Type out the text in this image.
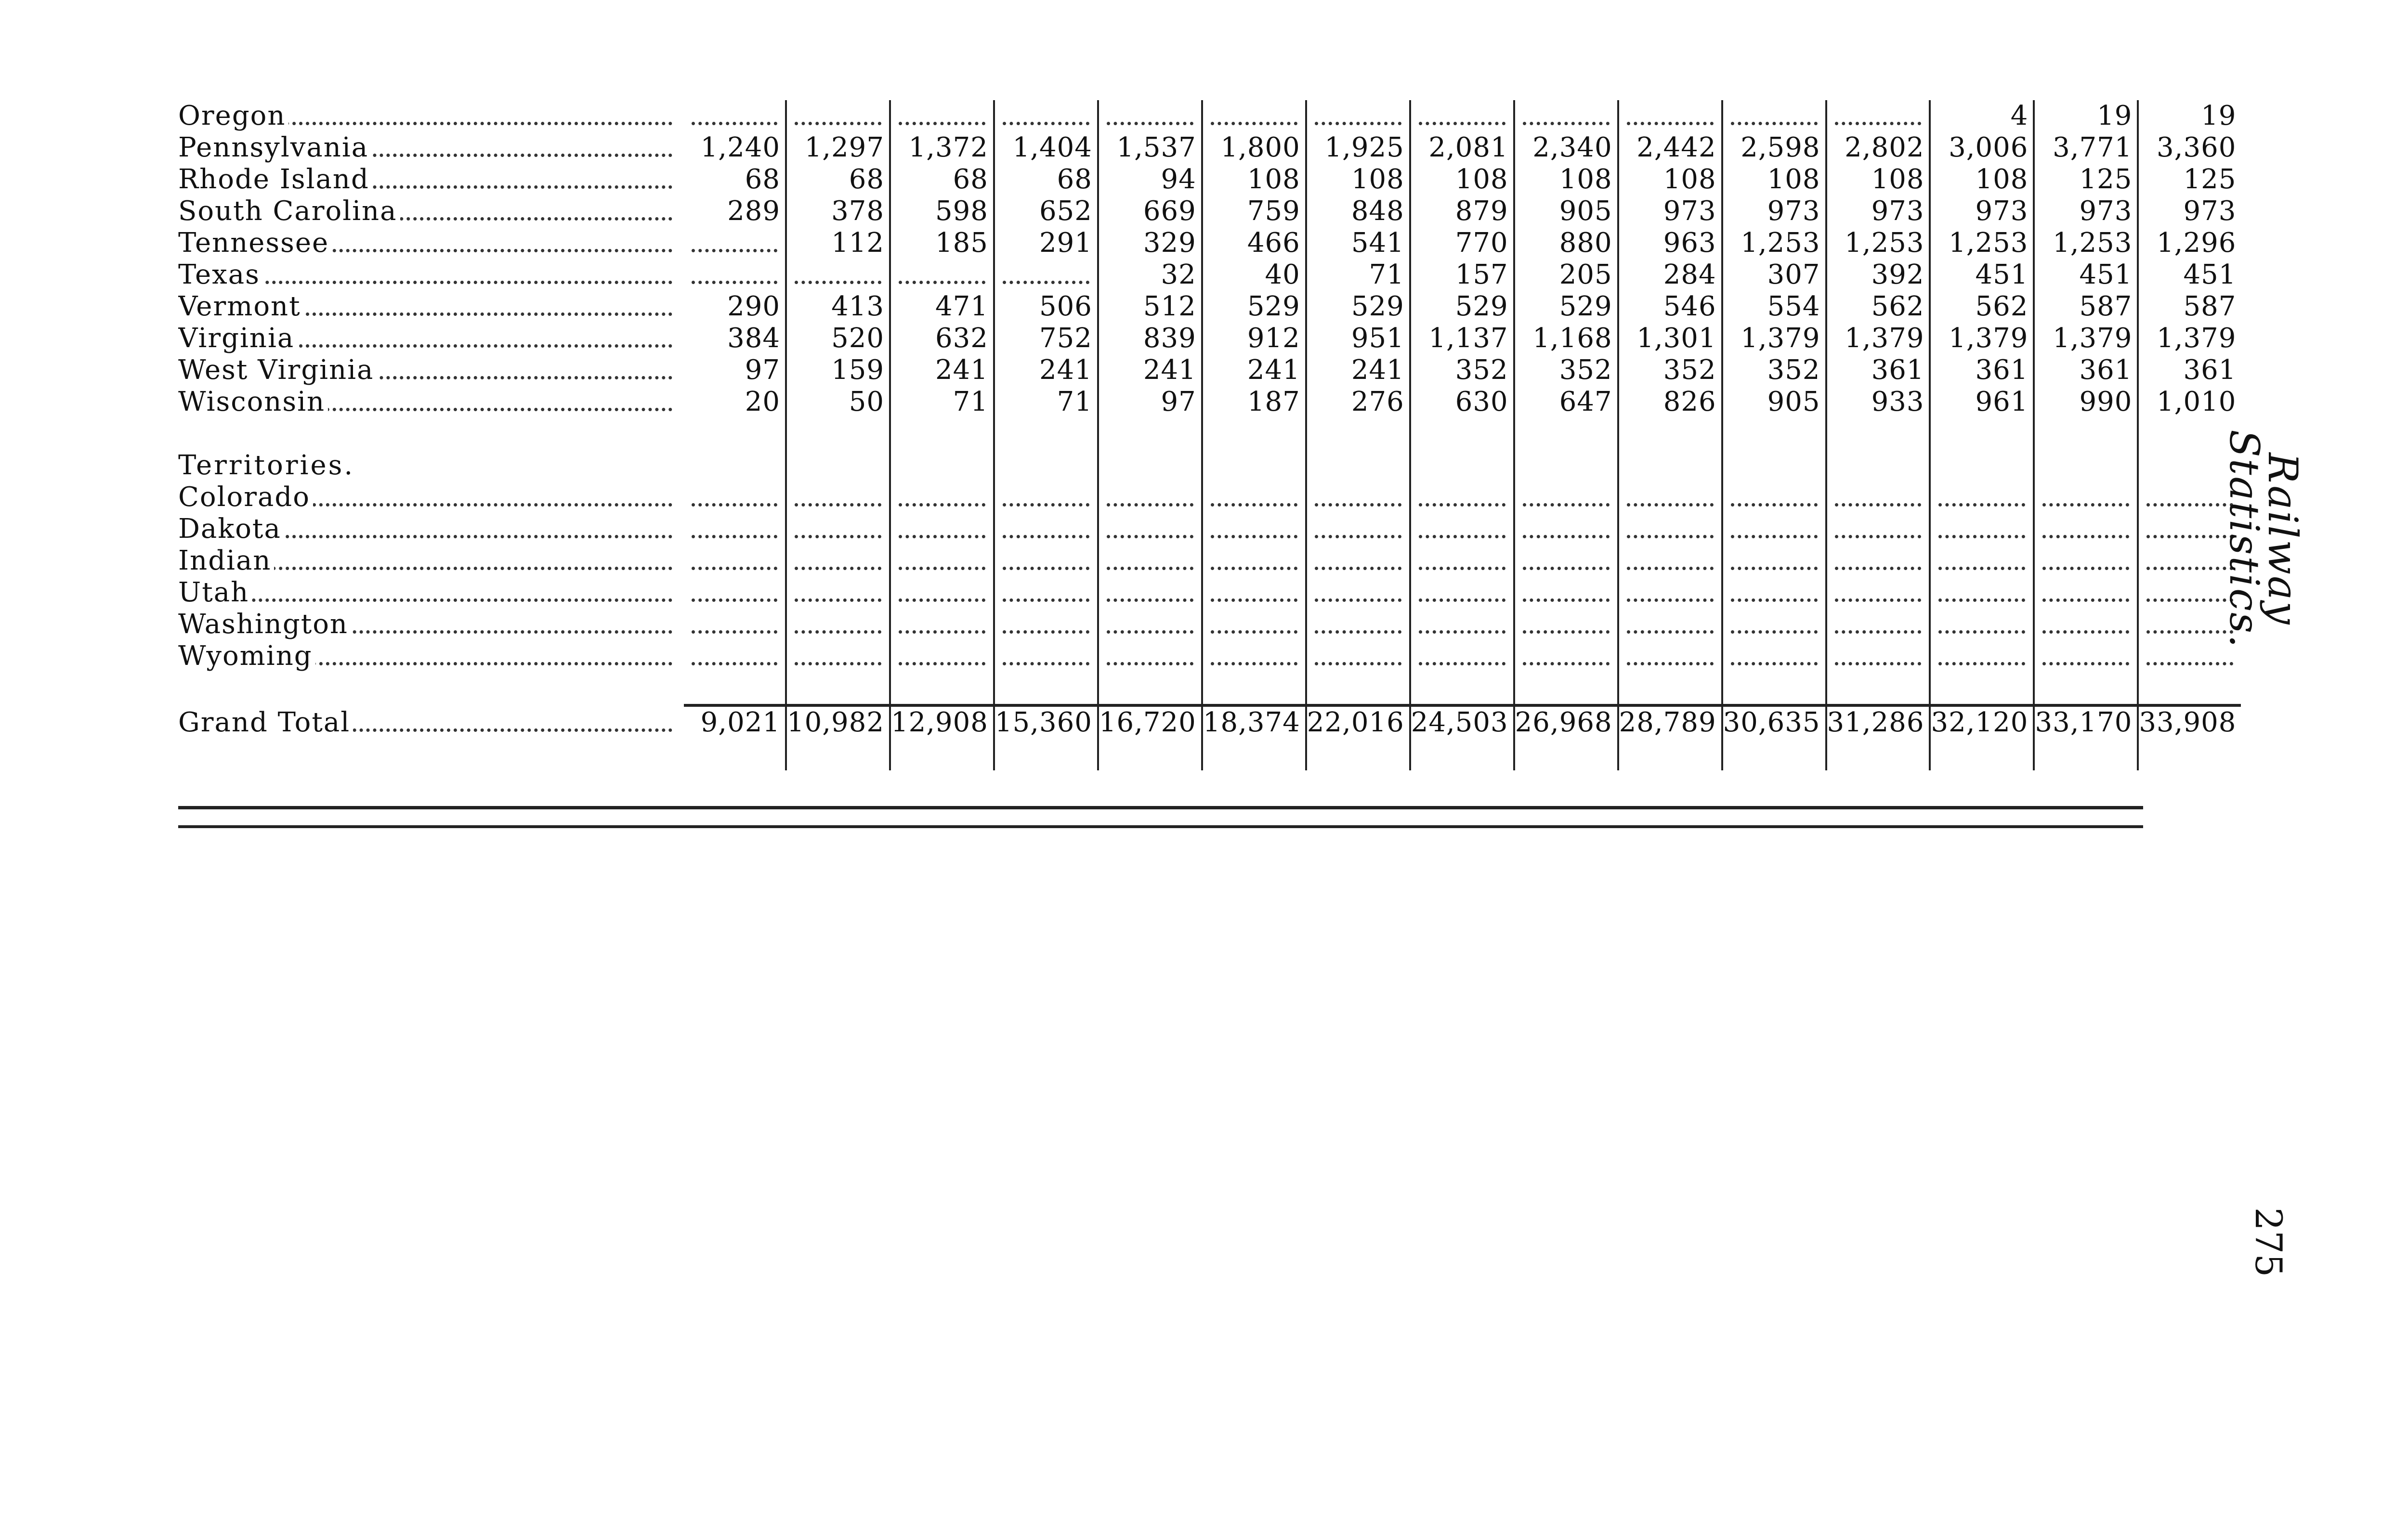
Oregon													4	19	19

Pennsylvania	1,240	1,297	1,372	1,404	1,537	1,800	1,925	2,081	2,340	2,442	2,598	2,802	3,006	3,771	3,360

Rhode Island	68	68	68	68	94	108	108	108	108	108	108	108	108	125	125

South Carolina	289	378	598	652	669	759	848	879	905	973	973	973	973	973	973

Tennessee		112	185	291	329	466	541	770	880	963	1,253	1,253	1,253	1,253	1,296

Texas					32	40	71	157	205	284	307	392	451	451	451

Vermont	290	413	471	506	512	529	529	529	529	546	554	562	562	587	587

Virginia	384	520	632	752	839	912	951	1,137	1,168	1,301	1,379	1,379	1,379	1,379	1,379

West Virginia	97	159	241	241	241	241	241	352	352	352	352	361	361	361	361

Wisconsin	20	50	71	71	97	187	276	630	647	826	905	933	961	990	1,010

Territories.															

Colorado	

Dakota	

Indian	

Utah	

Washington	

Wyoming	

Grand Total	9,021	10,982	12,908	15,360	16,720	18,374	22,016	24,503	26,968	28,789	30,635	31,286	32,120	33,170	33,908

Railway Statistics.
275
